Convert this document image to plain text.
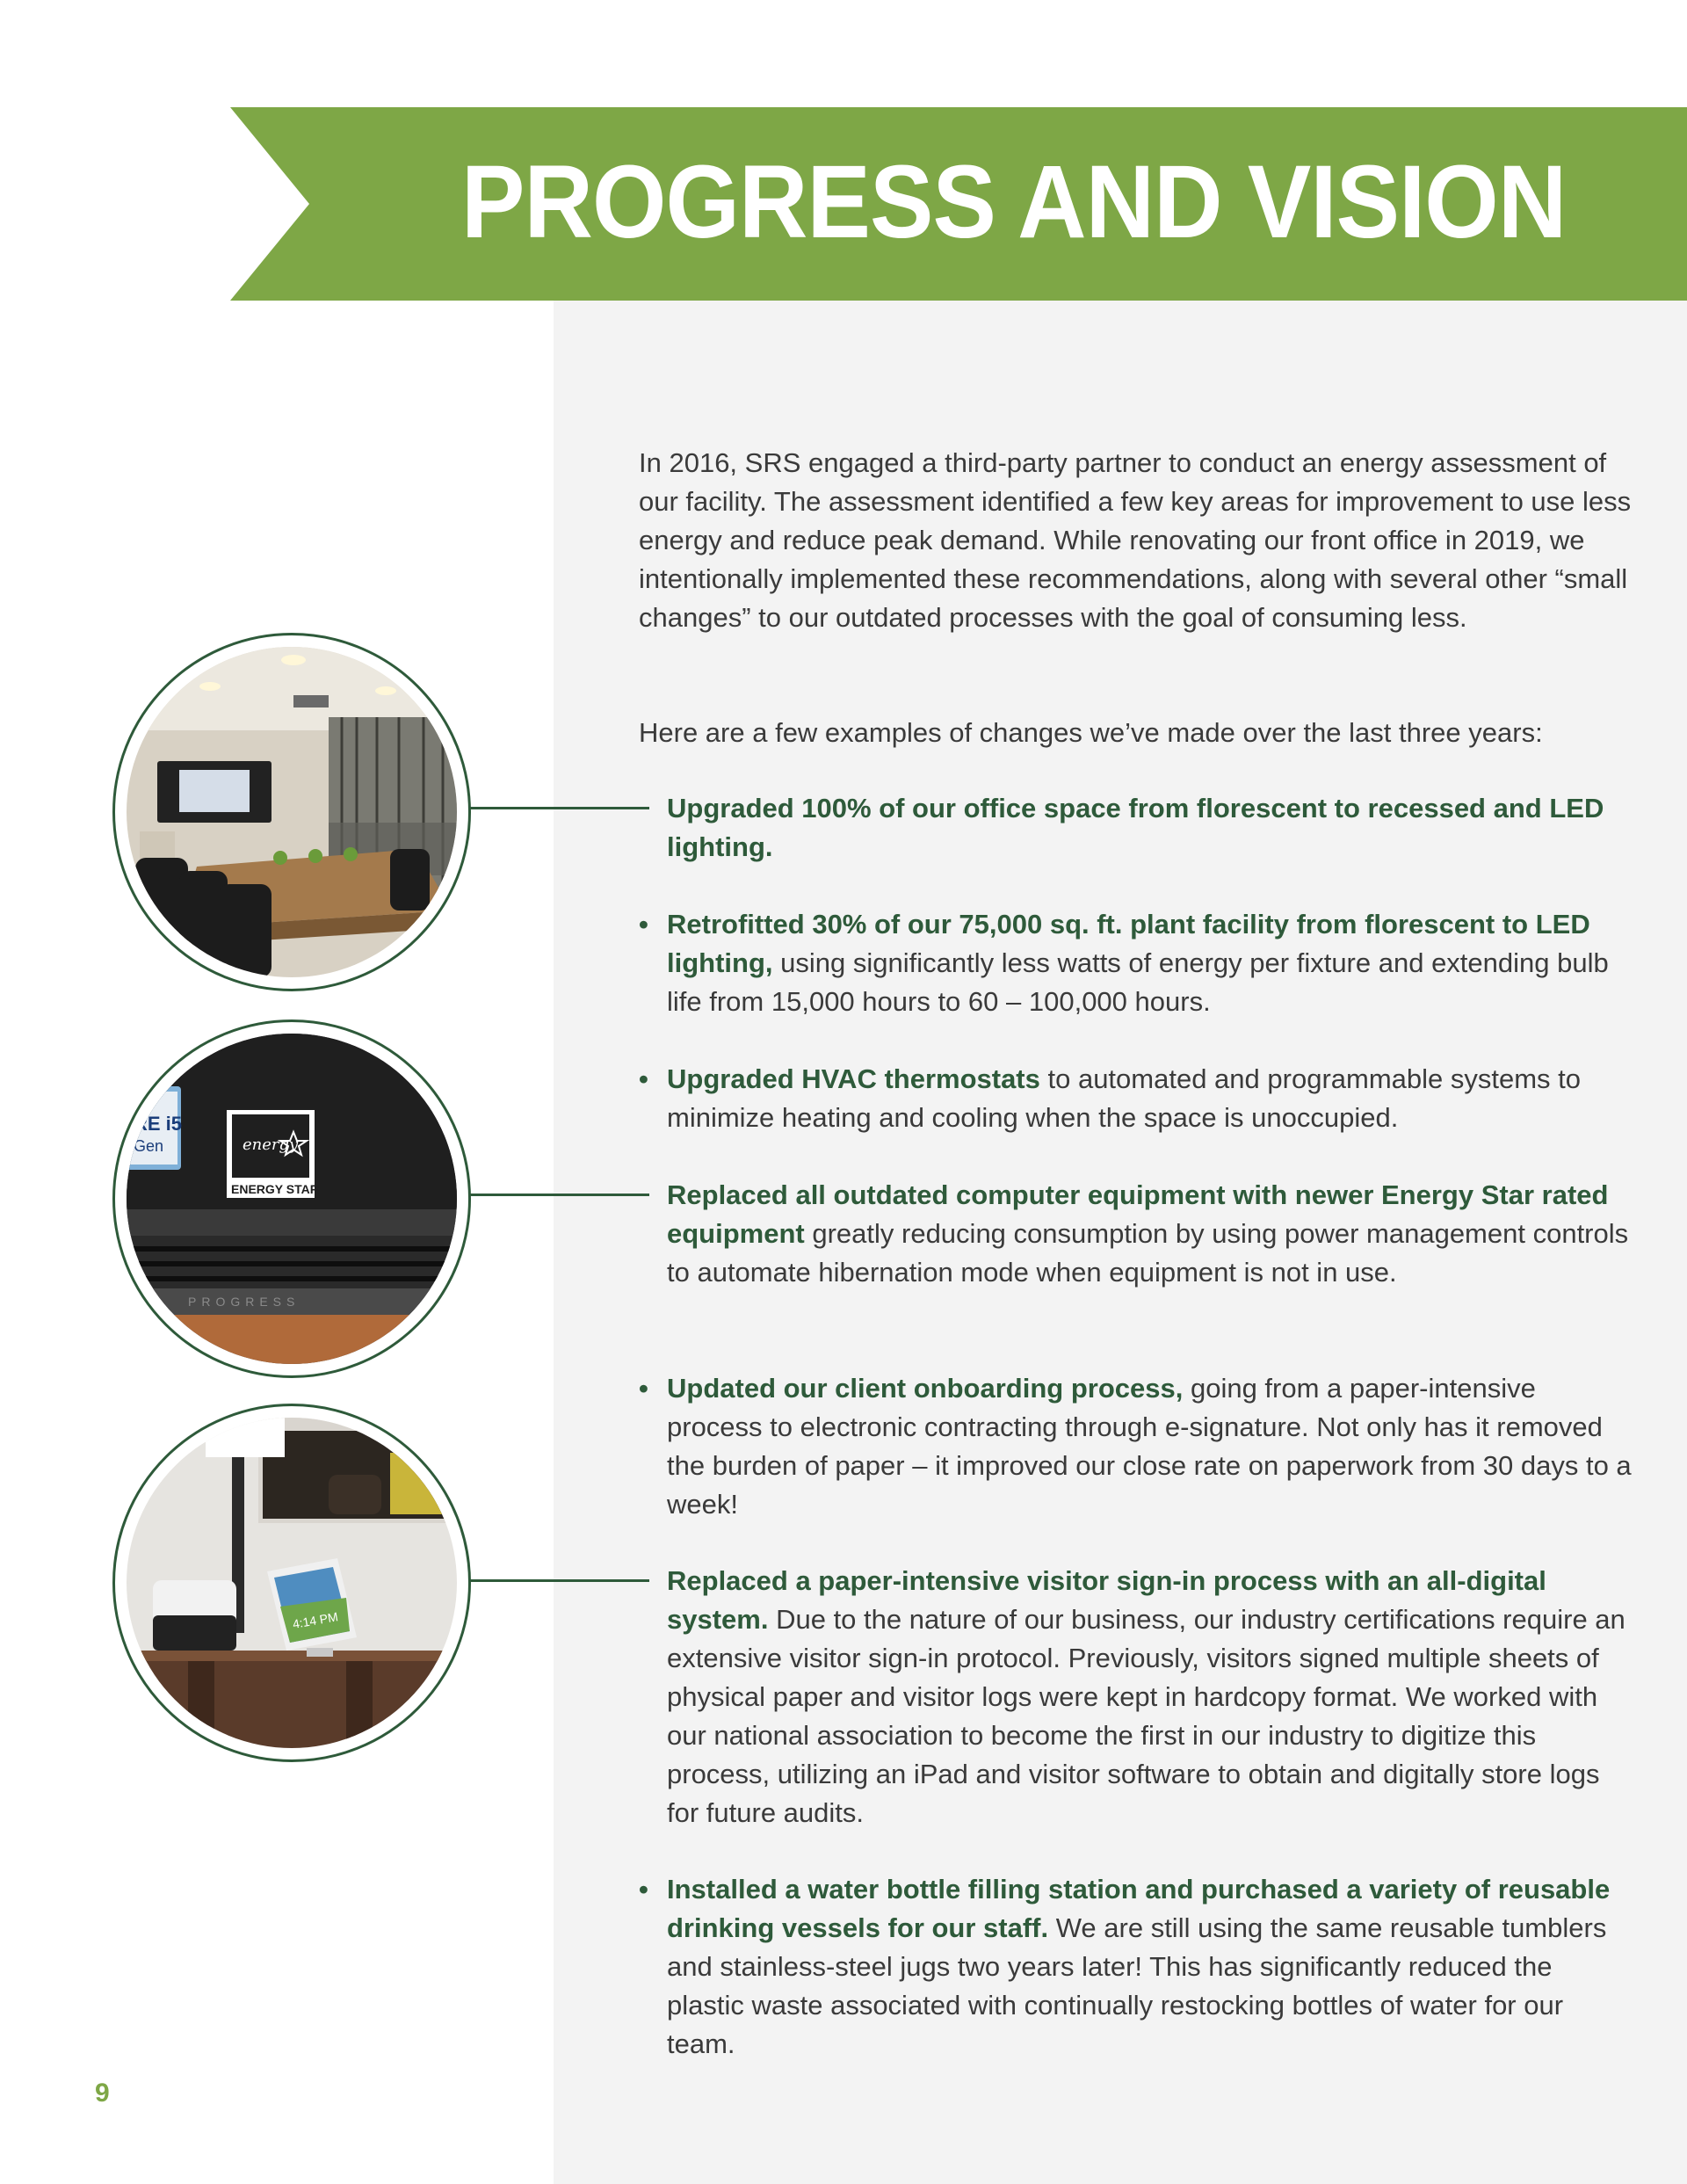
PROGRESS AND VISION

In 2016, SRS engaged a third-party partner to conduct an energy assessment of our facility. The assessment identified a few key areas for improvement to use less energy and reduce peak demand. While renovating our front office in 2019, we intentionally implemented these recommendations, along with several other “small changes” to our outdated processes with the goal of consuming less.

Here are a few examples of changes we’ve made over the last three years:

Upgraded 100% of our office space from florescent to recessed and LED lighting.
• Retrofitted 30% of our 75,000 sq. ft. plant facility from florescent to LED lighting, using significantly less watts of energy per fixture and extending bulb life from 15,000 hours to 60 – 100,000 hours.
• Upgraded HVAC thermostats to automated and programmable systems to minimize heating and cooling when the space is unoccupied.
Replaced all outdated computer equipment with newer Energy Star rated equipment greatly reducing consumption by using power management controls to automate hibernation mode when equipment is not in use.
• Updated our client onboarding process, going from a paper-intensive process to electronic contracting through e-signature. Not only has it removed the burden of paper – it improved our close rate on paperwork from 30 days to a week!
Replaced a paper-intensive visitor sign-in process with an all-digital system. Due to the nature of our business, our industry certifications require an extensive visitor sign-in protocol. Previously, visitors signed multiple sheets of physical paper and visitor logs were kept in hardcopy format. We worked with our national association to become the first in our industry to digitize this process, utilizing an iPad and visitor software to obtain and digitally store logs for future audits.
• Installed a water bottle filling station and purchased a variety of reusable drinking vessels for our staff. We are still using the same reusable tumblers and stainless-steel jugs two years later! This has significantly reduced the plastic waste associated with continually restocking bottles of water for our team.
RE i5
Gen	energy
ENERGY STAR
PROGRESS
4:14 PM
9
